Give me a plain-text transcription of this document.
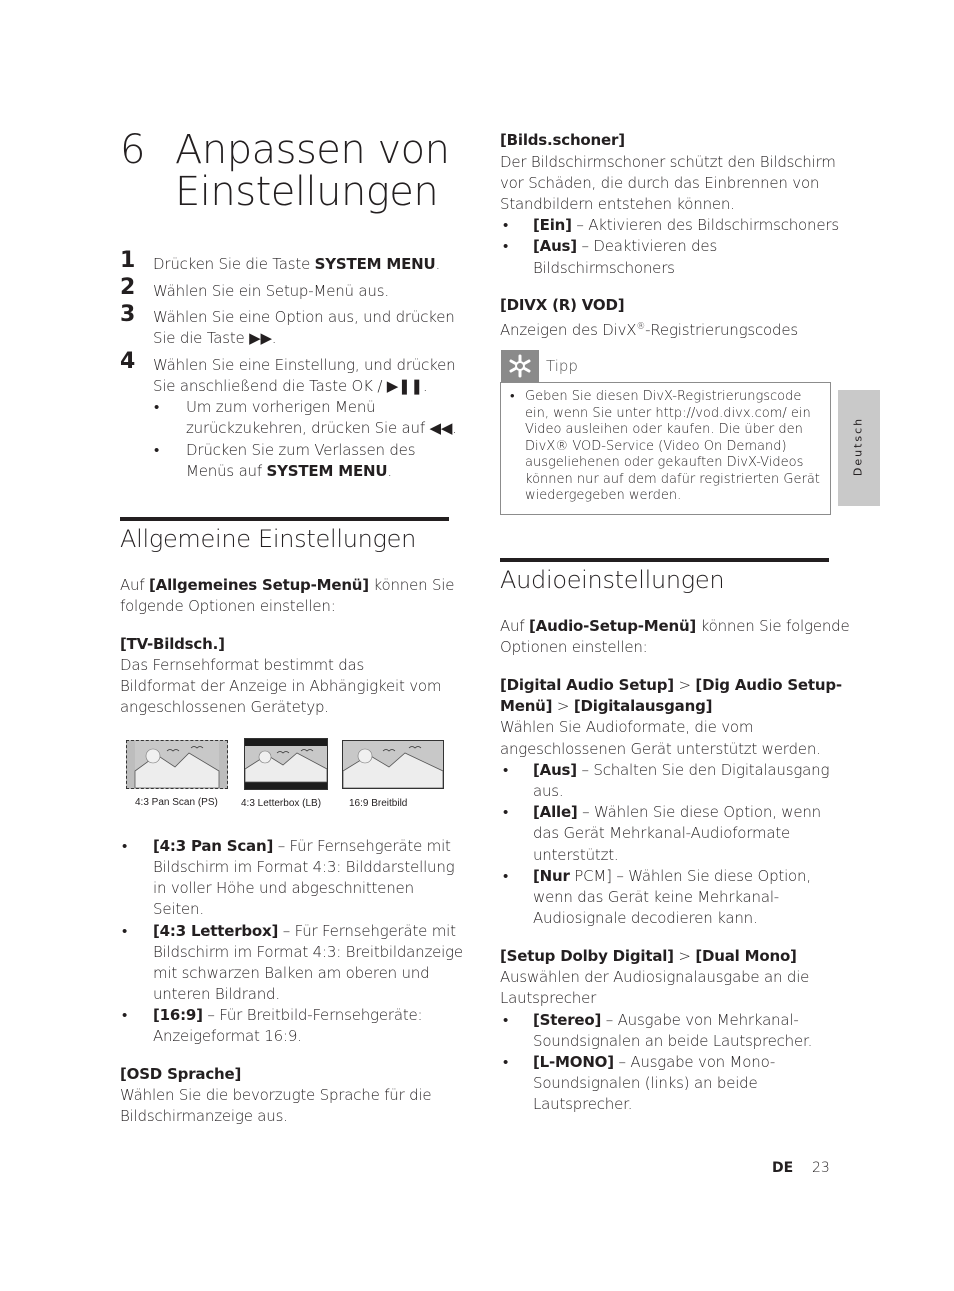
6 Anpassen von
Einstellungen
1 Drücken Sie die Taste SYSTEM MENU.
2 Wählen Sie ein Setup-Menü aus.
3 Wählen Sie eine Option aus, und drücken
Sie die Taste ▶▶.
4 Wählen Sie eine Einstellung, und drücken
Sie anschließend die Taste OK / ▶❚❚.
• Um zum vorherigen Menü
zurückzukehren, drücken Sie auf ◀◀.
• Drücken Sie zum Verlassen des
Menüs auf SYSTEM MENU.
Allgemeine Einstellungen
Auf [Allgemeines Setup-Menü] können Sie
folgende Optionen einstellen:
[TV-Bildsch.]
Das Fernsehformat bestimmt das
Bildformat der Anzeige in Abhängigkeit vom
angeschlossenen Gerätetyp.
4:3 Pan Scan (PS) 4:3 Letterbox (LB)	16:9 Breitbild
• [4:3 Pan Scan] – Für Fernsehgeräte mit
Bildschirm im Format 4:3: Bilddarstellung
in voller Höhe und abgeschnittenen
Seiten.
• [4:3 Letterbox] – Für Fernsehgeräte mit
Bildschirm im Format 4:3: Breitbildanzeige
mit schwarzen Balken am oberen und
unteren Bildrand.
• [16:9] – Für Breitbild-Fernsehgeräte:
Anzeigeformat 16:9.
[OSD Sprache]
Wählen Sie die bevorzugte Sprache für die
Bildschirmanzeige aus.
[Bilds.schoner]
Der Bildschirmschoner schützt den Bildschirm
vor Schäden, die durch das Einbrennen von
Standbildern entstehen können.
• [Ein] – Aktivieren des Bildschirmschoners
• [Aus] – Deaktivieren des
Bildschirmschoners
[DIVX (R) VOD]
Anzeigen des DivX®-Registrierungscodes
Tipp
• Geben Sie diesen DivX-Registrierungscode
ein, wenn Sie unter http://vod.divx.com/ ein
Video ausleihen oder kaufen. Die über den
DivX® VOD-Service (Video On Demand)
ausgeliehenen oder gekauften DivX-Videos
können nur auf dem dafür registrierten Gerät
wiedergegeben werden.
Audioeinstellungen
Auf [Audio-Setup-Menü] können Sie folgende
Optionen einstellen:
[Digital Audio Setup] > [Dig Audio Setup-
Menü] > [Digitalausgang]
Wählen Sie Audioformate, die vom
angeschlossenen Gerät unterstützt werden.
• [Aus] – Schalten Sie den Digitalausgang
aus.
• [Alle] – Wählen Sie diese Option, wenn
das Gerät Mehrkanal-Audioformate
unterstützt.
• [Nur PCM] – Wählen Sie diese Option,
wenn das Gerät keine Mehrkanal-
Audiosignale decodieren kann.
[Setup Dolby Digital] > [Dual Mono]
Auswählen der Audiosignalausgabe an die
Lautsprecher
• [Stereo] – Ausgabe von Mehrkanal-
Soundsignalen an beide Lautsprecher.
• [L-MONO] – Ausgabe von Mono-
Soundsignalen (links) an beide
Lautsprecher.
Deutsch
DE 23
